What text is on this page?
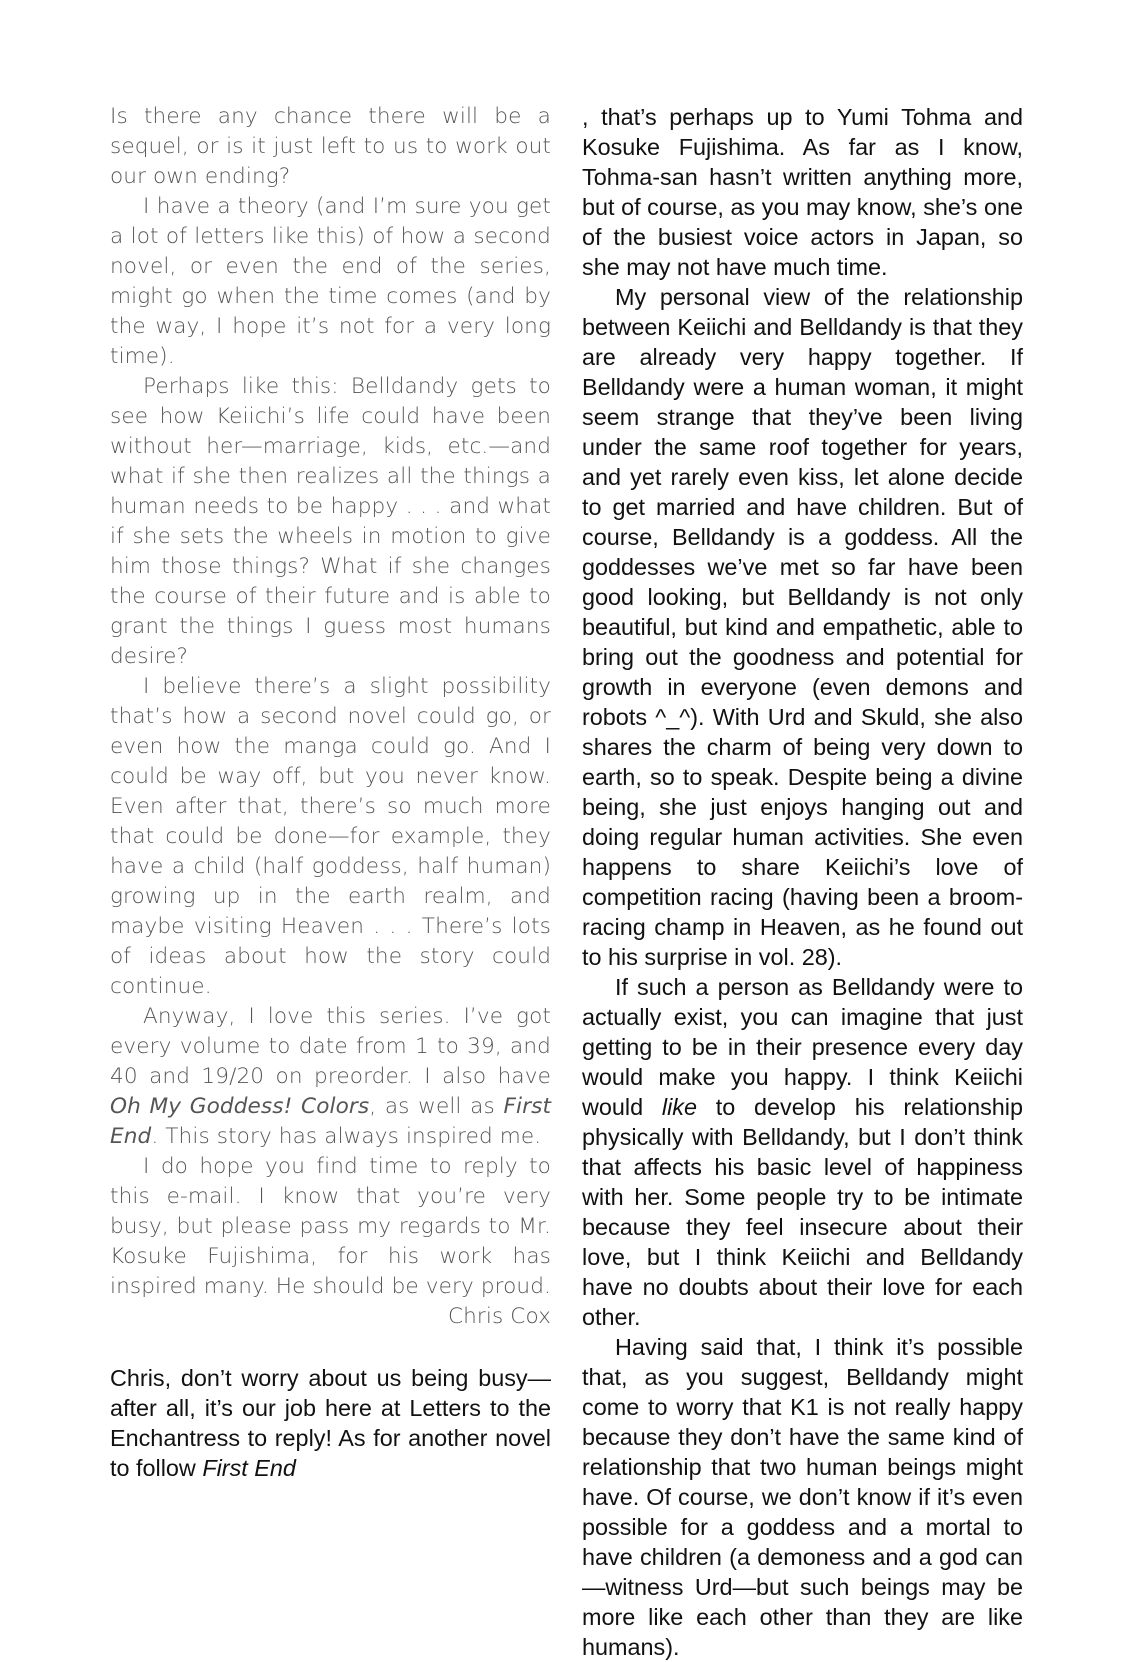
Is there any chance there will be a sequel, or is it just left to us to work out our own ending?

I have a theory (and I’m sure you get a lot of letters like this) of how a second novel, or even the end of the series, might go when the time comes (and by the way, I hope it’s not for a very long time).

Perhaps like this: Belldandy gets to see how Keiichi’s life could have been without her—marriage, kids, etc.—and what if she then realizes all the things a human needs to be happy . . . and what if she sets the wheels in motion to give him those things? What if she changes the course of their future and is able to grant the things I guess most humans desire?

I believe there’s a slight possibility that’s how a second novel could go, or even how the manga could go. And I could be way off, but you never know. Even after that, there’s so much more that could be done—for example, they have a child (half goddess, half human) growing up in the earth realm, and maybe visiting Heaven . . . There’s lots of ideas about how the story could continue.

Anyway, I love this series. I’ve got every volume to date from 1 to 39, and 40 and 19/20 on preorder. I also have Oh My Goddess! Colors, as well as First End. This story has always inspired me.

I do hope you find time to reply to this e-mail. I know that you’re very busy, but please pass my regards to Mr. Kosuke Fujishima, for his work has inspired many. He should be very proud.

Chris Cox

Chris, don’t worry about us being busy—after all, it’s our job here at Letters to the Enchantress to reply! As for another novel to follow First End

, that’s perhaps up to Yumi Tohma and Kosuke Fujishima. As far as I know, Tohma-san hasn’t written anything more, but of course, as you may know, she’s one of the busiest voice actors in Japan, so she may not have much time.

My personal view of the relationship between Keiichi and Belldandy is that they are already very happy together. If Belldandy were a human woman, it might seem strange that they’ve been living under the same roof together for years, and yet rarely even kiss, let alone decide to get married and have children. But of course, Belldandy is a goddess. All the goddesses we’ve met so far have been good looking, but Belldandy is not only beautiful, but kind and empathetic, able to bring out the goodness and potential for growth in everyone (even demons and robots ^_^). With Urd and Skuld, she also shares the charm of being very down to earth, so to speak. Despite being a divine being, she just enjoys hanging out and doing regular human activities. She even happens to share Keiichi’s love of competition racing (having been a broom-racing champ in Heaven, as he found out to his surprise in vol. 28).

If such a person as Belldandy were to actually exist, you can imagine that just getting to be in their presence every day would make you happy. I think Keiichi would like to develop his relationship physically with Belldandy, but I don’t think that affects his basic level of happiness with her. Some people try to be intimate because they feel insecure about their love, but I think Keiichi and Belldandy have no doubts about their love for each other.

Having said that, I think it’s possible that, as you suggest, Belldandy might come to worry that K1 is not really happy because they don’t have the same kind of relationship that two human beings might have. Of course, we don’t know if it’s even possible for a goddess and a mortal to have children (a demoness and a god can—witness Urd—but such beings may be more like each other than they are like humans).
